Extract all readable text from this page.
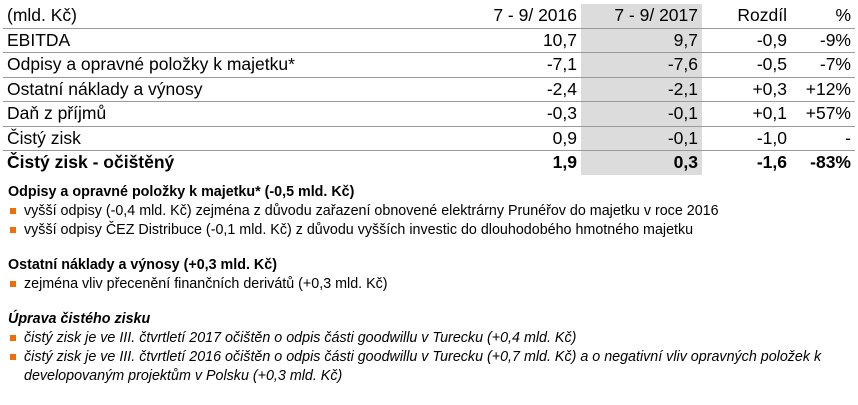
(mld. Kč)	7 - 9/ 2016	7 - 9/ 2017	Rozdíl	%
EBITDA	10,7	9,7	-0,9	-9%
Odpisy a opravné položky k majetku*	-7,1	-7,6	-0,5	-7%
Ostatní náklady a výnosy	-2,4	-2,1	+0,3	+12%
Daň z příjmů	-0,3	-0,1	+0,1	+57%
Čistý zisk	0,9	-0,1	-1,0	-
Čistý zisk - očištěný	1,9	0,3	-1,6	-83%
Odpisy a opravné položky k majetku* (-0,5 mld. Kč)
vyšší odpisy (-0,4 mld. Kč) zejména z důvodu zařazení obnovené elektrárny Prunéřov do majetku v roce 2016
vyšší odpisy ČEZ Distribuce (-0,1 mld. Kč) z důvodu vyšších investic do dlouhodobého hmotného majetku
Ostatní náklady a výnosy (+0,3 mld. Kč)
zejména vliv přecenění finančních derivátů (+0,3 mld. Kč)
Úprava čistého zisku
čistý zisk je ve III. čtvrtletí 2017 očištěn o odpis části goodwillu v Turecku (+0,4 mld. Kč)
čistý zisk je ve III. čtvrtletí 2016 očištěn o odpis části goodwillu v Turecku (+0,7 mld. Kč) a o negativní vliv opravných položek k developovaným projektům v Polsku (+0,3 mld. Kč)
